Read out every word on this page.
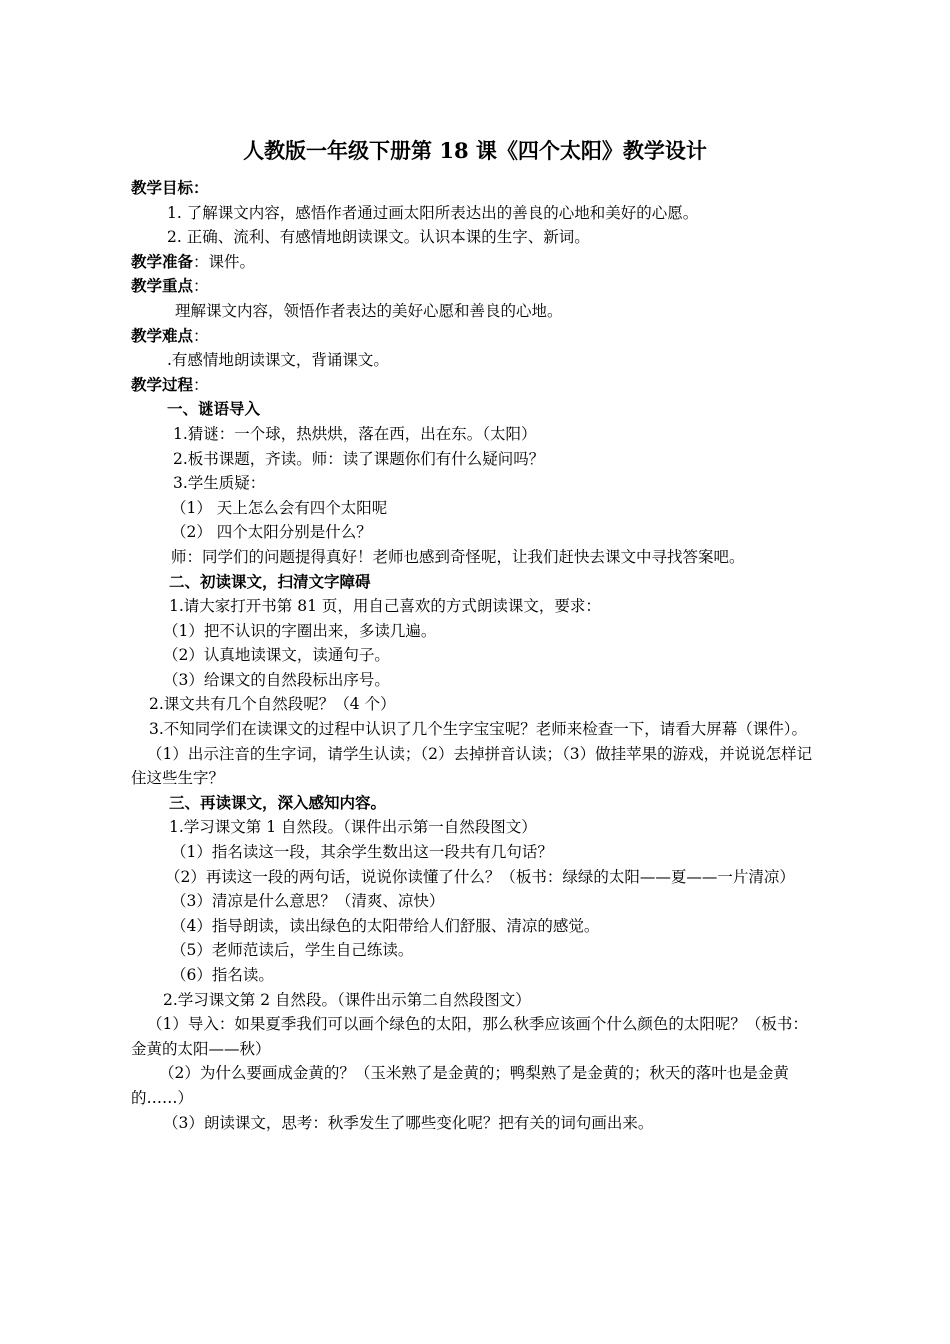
人教版一年级下册第 18 课《四个太阳》教学设计
教学目标：
1. 了解课文内容，感悟作者通过画太阳所表达出的善良的心地和美好的心愿。
2. 正确、流利、有感情地朗读课文。认识本课的生字、新词。
教学准备：课件。
教学重点：
理解课文内容，领悟作者表达的美好心愿和善良的心地。
教学难点：
.有感情地朗读课文，背诵课文。
教学过程：
一、谜语导入
1.猜谜：一个球，热烘烘，落在西，出在东。（太阳）
2.板书课题，齐读。师：读了课题你们有什么疑问吗？
3.学生质疑：
（1） 天上怎么会有四个太阳呢
（2） 四个太阳分别是什么？
师：同学们的问题提得真好！老师也感到奇怪呢，让我们赶快去课文中寻找答案吧。
二、初读课文，扫清文字障碍
1.请大家打开书第 81 页，用自己喜欢的方式朗读课文，要求：
（1）把不认识的字圈出来，多读几遍。
（2）认真地读课文，读通句子。
（3）给课文的自然段标出序号。
2.课文共有几个自然段呢？（4 个）
3.不知同学们在读课文的过程中认识了几个生字宝宝呢？老师来检查一下，请看大屏幕（课件）。
（1）出示注音的生字词，请学生认读；（2）去掉拼音认读；（3）做挂苹果的游戏，并说说怎样记住这些生字？
三、再读课文，深入感知内容。
1.学习课文第 1 自然段。（课件出示第一自然段图文）
（1）指名读这一段，其余学生数出这一段共有几句话？
（2）再读这一段的两句话，说说你读懂了什么？（板书：绿绿的太阳——夏——一片清凉）
（3）清凉是什么意思？（清爽、凉快）
（4）指导朗读，读出绿色的太阳带给人们舒服、清凉的感觉。
（5）老师范读后，学生自己练读。
（6）指名读。
2.学习课文第 2 自然段。（课件出示第二自然段图文）
（1）导入：如果夏季我们可以画个绿色的太阳，那么秋季应该画个什么颜色的太阳呢？（板书：金黄的太阳——秋）
（2）为什么要画成金黄的？（玉米熟了是金黄的；鸭梨熟了是金黄的；秋天的落叶也是金黄的……）
（3）朗读课文，思考：秋季发生了哪些变化呢？把有关的词句画出来。
